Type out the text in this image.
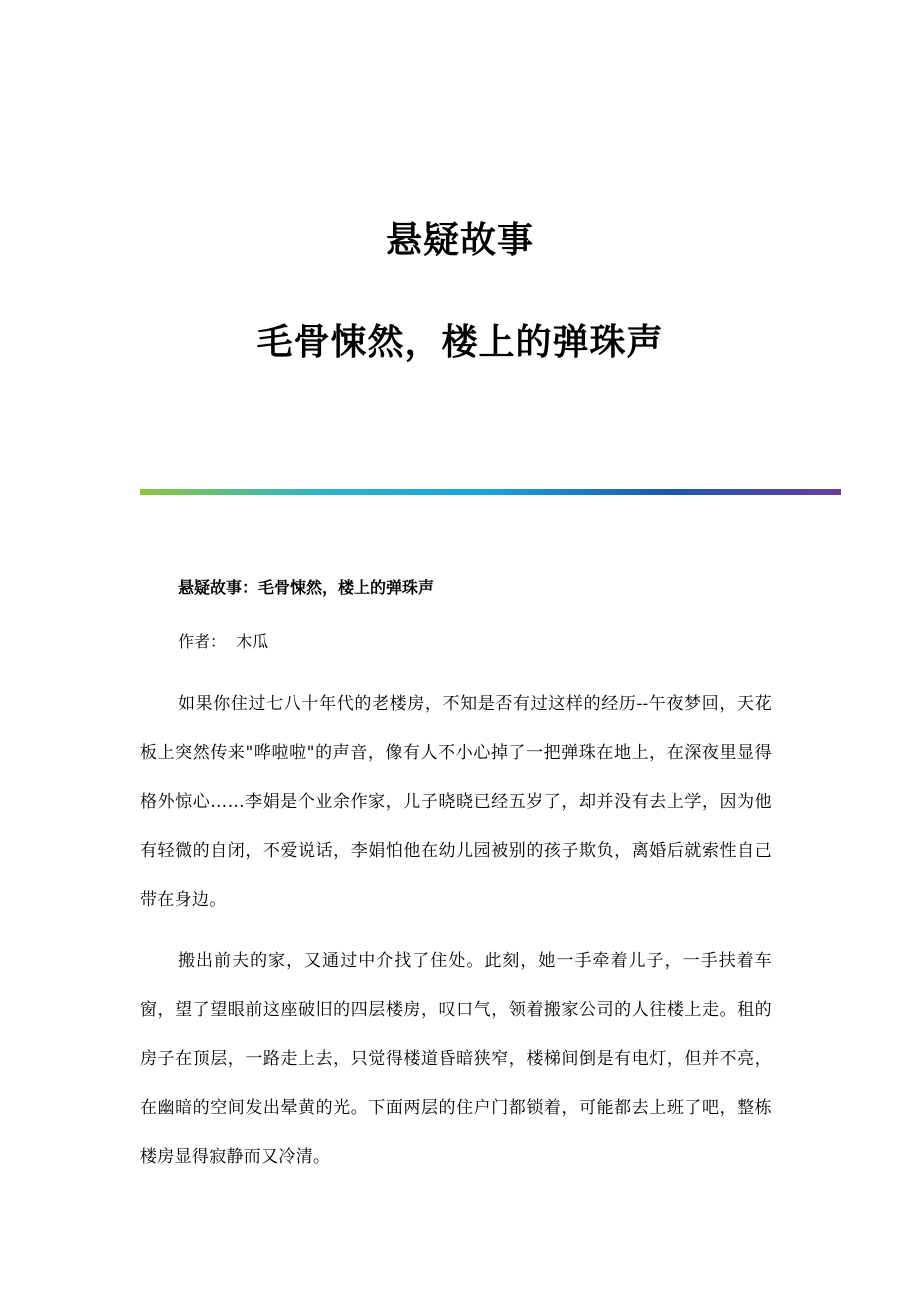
悬疑故事
毛骨悚然，楼上的弹珠声

悬疑故事：毛骨悚然，楼上的弹珠声

作者： 木瓜

如果你住过七八十年代的老楼房，不知是否有过这样的经历--午夜梦回，天花板上突然传来"哗啦啦"的声音，像有人不小心掉了一把弹珠在地上，在深夜里显得格外惊心……李娟是个业余作家，儿子晓晓已经五岁了，却并没有去上学，因为他有轻微的自闭，不爱说话，李娟怕他在幼儿园被别的孩子欺负，离婚后就索性自己带在身边。

搬出前夫的家，又通过中介找了住处。此刻，她一手牵着儿子，一手扶着车窗，望了望眼前这座破旧的四层楼房，叹口气，领着搬家公司的人往楼上走。租的房子在顶层，一路走上去，只觉得楼道昏暗狭窄，楼梯间倒是有电灯，但并不亮，在幽暗的空间发出晕黄的光。下面两层的住户门都锁着，可能都去上班了吧，整栋楼房显得寂静而又冷清。
